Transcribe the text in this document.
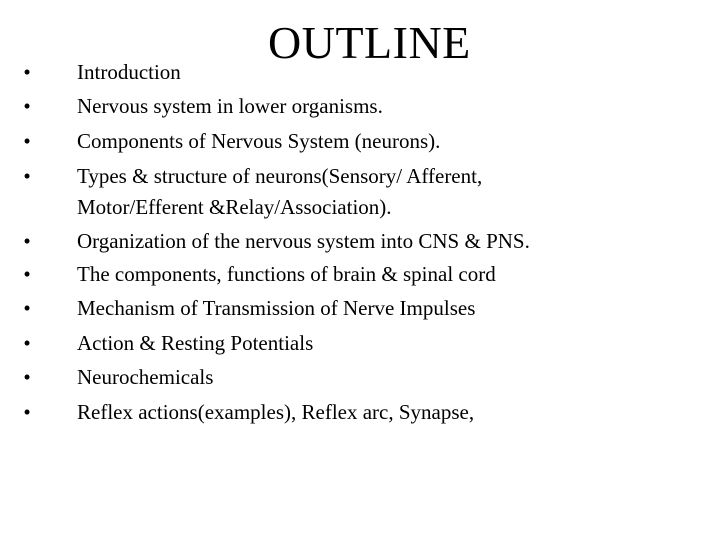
OUTLINE
• Introduction
• Nervous system in lower organisms.
• Components of Nervous System (neurons).
• Types & structure of neurons(Sensory/ Afferent,
Motor/Efferent &Relay/Association).
• Organization of the nervous system into CNS & PNS.
• The components, functions of brain & spinal cord
• Mechanism of Transmission of Nerve Impulses
• Action & Resting Potentials
• Neurochemicals
• Reflex actions(examples), Reflex arc, Synapse,
